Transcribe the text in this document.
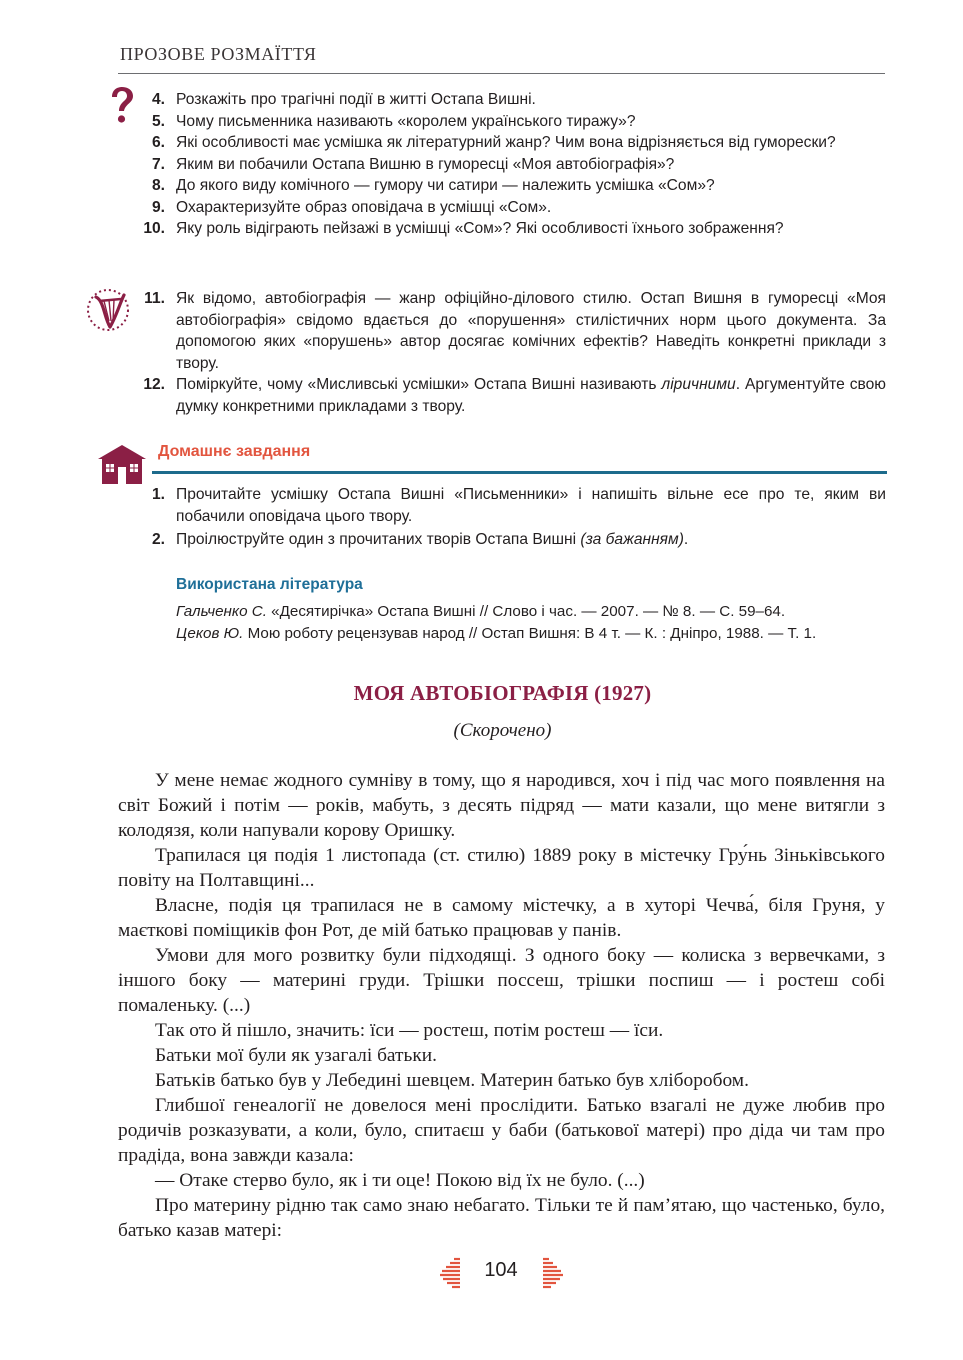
ПРОЗОВЕ РОЗМАЇТТЯ
4. Розкажіть про трагічні події в житті Остапа Вишні.
5. Чому письменника називають «королем українського тиражу»?
6. Які особливості має усмішка як літературний жанр? Чим вона відрізняється від гуморески?
7. Яким ви побачили Остапа Вишню в гуморесці «Моя автобіографія»?
8. До якого виду комічного — гумору чи сатири — належить усмішка «Сом»?
9. Охарактеризуйте образ оповідача в усмішці «Сом».
10. Яку роль відіграють пейзажі в усмішці «Сом»? Які особливості їхнього зображення?
11. Як відомо, автобіографія — жанр офіційно-ділового стилю. Остап Вишня в гуморесці «Моя автобіографія» свідомо вдається до «порушення» стилістичних норм цього документа. За допомогою яких «порушень» автор досягає комічних ефектів? Наведіть конкретні приклади з твору.
12. Поміркуйте, чому «Мисливські усмішки» Остапа Вишні називають ліричними. Аргументуйте свою думку конкретними прикладами з твору.
Домашнє завдання
1. Прочитайте усмішку Остапа Вишні «Письменники» і напишіть вільне есе про те, яким ви побачили оповідача цього твору.
2. Проілюструйте один з прочитаних творів Остапа Вишні (за бажанням).
Використана література
Гальченко С. «Десятирічка» Остапа Вишні // Слово і час. — 2007. — № 8. — С. 59–64.
Цеков Ю. Мою роботу рецензував народ // Остап Вишня: В 4 т. — К. : Дніпро, 1988. — Т. 1.
МОЯ АВТОБІОГРАФІЯ (1927)
(Скорочено)

У мене немає жодного сумніву в тому, що я народився, хоч і під час мого появлення на світ Божий і потім — років, мабуть, з десять підряд — мати казали, що мене витягли з колодязя, коли напували корову Оришку.

Трапилася ця подія 1 листопада (ст. стилю) 1889 року в містечку Гру́нь Зіньківського повіту на Полтавщині...

Власне, подія ця трапилася не в самому містечку, а в хуторі Чечва́, біля Груня, у маєткові поміщиків фон Рот, де мій батько працював у панів.

Умови для мого розвитку були підходящі. З одного боку — колиска з вервечками, з іншого боку — материні груди. Трішки поссеш, трішки поспиш — і ростеш собі помаленьку. (...)

Так ото й пішло, значить: їси — ростеш, потім ростеш — їси.

Батьки мої були як узагалі батьки.

Батьків батько був у Лебедині шевцем. Материн батько був хліборобом.

Глибшої генеалогії не довелося мені прослідити. Батько взагалі не дуже любив про родичів розказувати, а коли, було, спитаєш у баби (батькової матері) про діда чи там про прадіда, вона завжди казала:

— Отаке стерво було, як і ти оце! Покою від їх не було. (...)

Про материну рідню так само знаю небагато. Тільки те й пам’ятаю, що частенько, було, батько казав матері:

104
